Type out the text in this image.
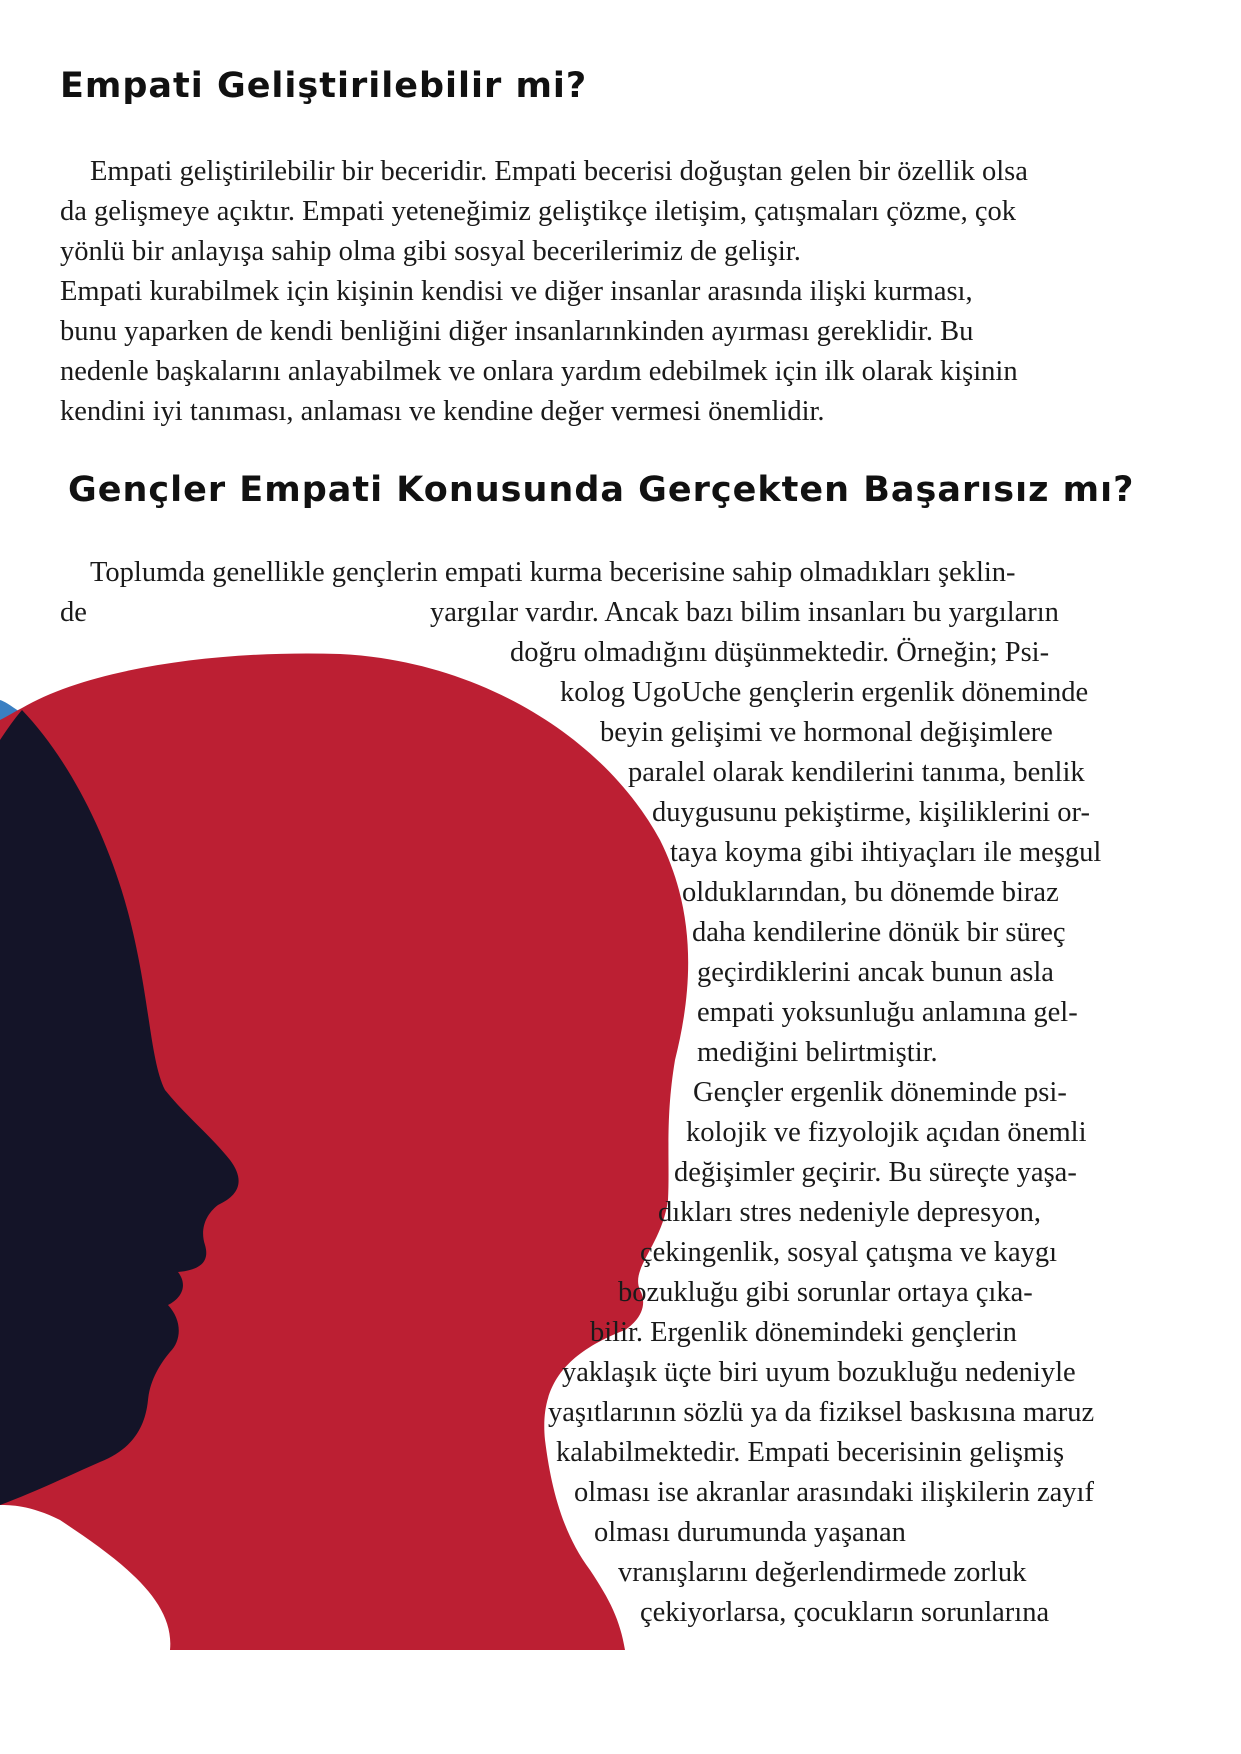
Empati Geliştirilebilir mi?

Empati geliştirilebilir bir beceridir. Empati becerisi doğuştan gelen bir özellik olsa

da gelişmeye açıktır. Empati yeteneğimiz geliştikçe iletişim, çatışmaları çözme, çok

yönlü bir anlayışa sahip olma gibi sosyal becerilerimiz de gelişir.

Empati kurabilmek için kişinin kendisi ve diğer insanlar arasında ilişki kurması,

bunu yaparken de kendi benliğini diğer insanlarınkinden ayırması gereklidir. Bu

nedenle başkalarını anlayabilmek ve onlara yardım edebilmek için ilk olarak kişinin

kendini iyi tanıması, anlaması ve kendine değer vermesi önemlidir.

Gençler Empati Konusunda Gerçekten Başarısız mı?

Toplumda genellikle gençlerin empati kurma becerisine sahip olmadıkları şeklin-

de	yargılar vardır. Ancak bazı bilim insanları bu yargıların

doğru olmadığını düşünmektedir. Örneğin; Psi-

kolog UgoUche gençlerin ergenlik döneminde

beyin gelişimi ve hormonal değişimlere

paralel olarak kendilerini tanıma, benlik

duygusunu pekiştirme, kişiliklerini or-

taya koyma gibi ihtiyaçları ile meşgul

olduklarından, bu dönemde biraz

daha kendilerine dönük bir süreç

geçirdiklerini ancak bunun asla

empati yoksunluğu anlamına gel-

mediğini belirtmiştir.

Gençler ergenlik döneminde psi-

kolojik ve fizyolojik açıdan önemli

değişimler geçirir. Bu süreçte yaşa-

dıkları stres nedeniyle depresyon,

çekingenlik, sosyal çatışma ve kaygı

bozukluğu gibi sorunlar ortaya çıka-

bilir. Ergenlik dönemindeki gençlerin

yaklaşık üçte biri uyum bozukluğu nedeniyle

yaşıtlarının sözlü ya da fiziksel baskısına maruz

kalabilmektedir. Empati becerisinin gelişmiş

olması ise akranlar arasındaki ilişkilerin zayıf

olması durumunda yaşanan

vranışlarını değerlendirmede zorluk

çekiyorlarsa, çocukların sorunlarına
